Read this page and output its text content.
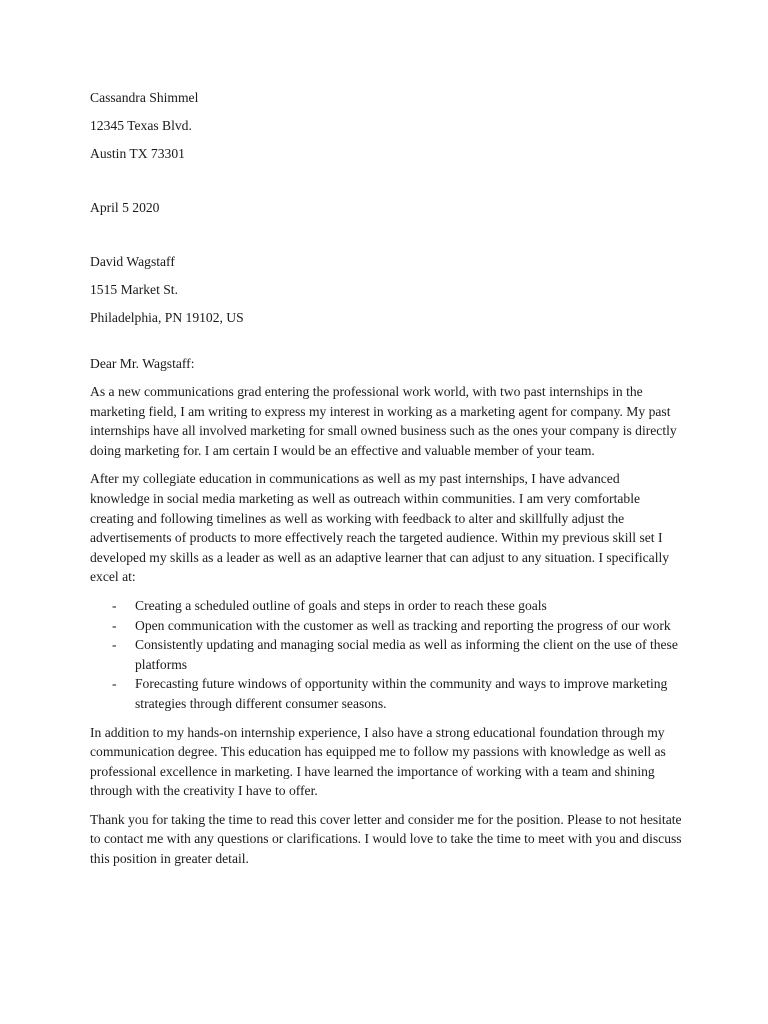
Cassandra Shimmel

12345 Texas Blvd.

Austin TX 73301

April 5 2020

David Wagstaff

1515 Market St.

Philadelphia, PN 19102, US

Dear Mr. Wagstaff:

As a new communications grad entering the professional work world, with two past internships in the marketing field, I am writing to express my interest in working as a marketing agent for company. My past internships have all involved marketing for small owned business such as the ones your company is directly doing marketing for. I am certain I would be an effective and valuable member of your team.

After my collegiate education in communications as well as my past internships, I have advanced knowledge in social media marketing as well as outreach within communities. I am very comfortable creating and following timelines as well as working with feedback to alter and skillfully adjust the advertisements of products to more effectively reach the targeted audience. Within my previous skill set I developed my skills as a leader as well as an adaptive learner that can adjust to any situation. I specifically excel at:

- Creating a scheduled outline of goals and steps in order to reach these goals
- Open communication with the customer as well as tracking and reporting the progress of our work
- Consistently updating and managing social media as well as informing the client on the use of these platforms
- Forecasting future windows of opportunity within the community and ways to improve marketing strategies through different consumer seasons.

In addition to my hands-on internship experience, I also have a strong educational foundation through my communication degree. This education has equipped me to follow my passions with knowledge as well as professional excellence in marketing. I have learned the importance of working with a team and shining through with the creativity I have to offer.

Thank you for taking the time to read this cover letter and consider me for the position. Please to not hesitate to contact me with any questions or clarifications. I would love to take the time to meet with you and discuss this position in greater detail.
